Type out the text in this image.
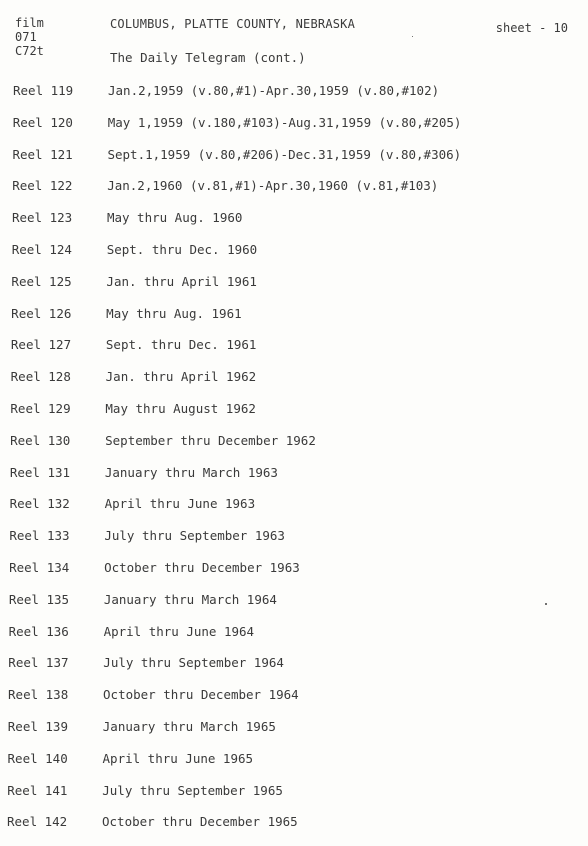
film
071
C72t
COLUMBUS, PLATTE COUNTY, NEBRASKA	sheet - 10
The Daily Telegram (cont.)
Reel 119	Jan.2,1959 (v.80,#1)-Apr.30,1959 (v.80,#102)
Reel 120	May 1,1959 (v.180,#103)-Aug.31,1959 (v.80,#205)
Reel 121	Sept.1,1959 (v.80,#206)-Dec.31,1959 (v.80,#306)
Reel 122	Jan.2,1960 (v.81,#1)-Apr.30,1960 (v.81,#103)
Reel 123	May thru Aug. 1960
Reel 124	Sept. thru Dec. 1960
Reel 125	Jan. thru April 1961
Reel 126	May thru Aug. 1961
Reel 127	Sept. thru Dec. 1961
Reel 128	Jan. thru April 1962
Reel 129	May thru August 1962
Reel 130	September thru December 1962
Reel 131	January thru March 1963
Reel 132	April thru June 1963
Reel 133	July thru September 1963
Reel 134	October thru December 1963
Reel 135	January thru March 1964
Reel 136	April thru June 1964
Reel 137	July thru September 1964
Reel 138	October thru December 1964
Reel 139	January thru March 1965
Reel 140	April thru June 1965
Reel 141	July thru September 1965
Reel 142	October thru December 1965
